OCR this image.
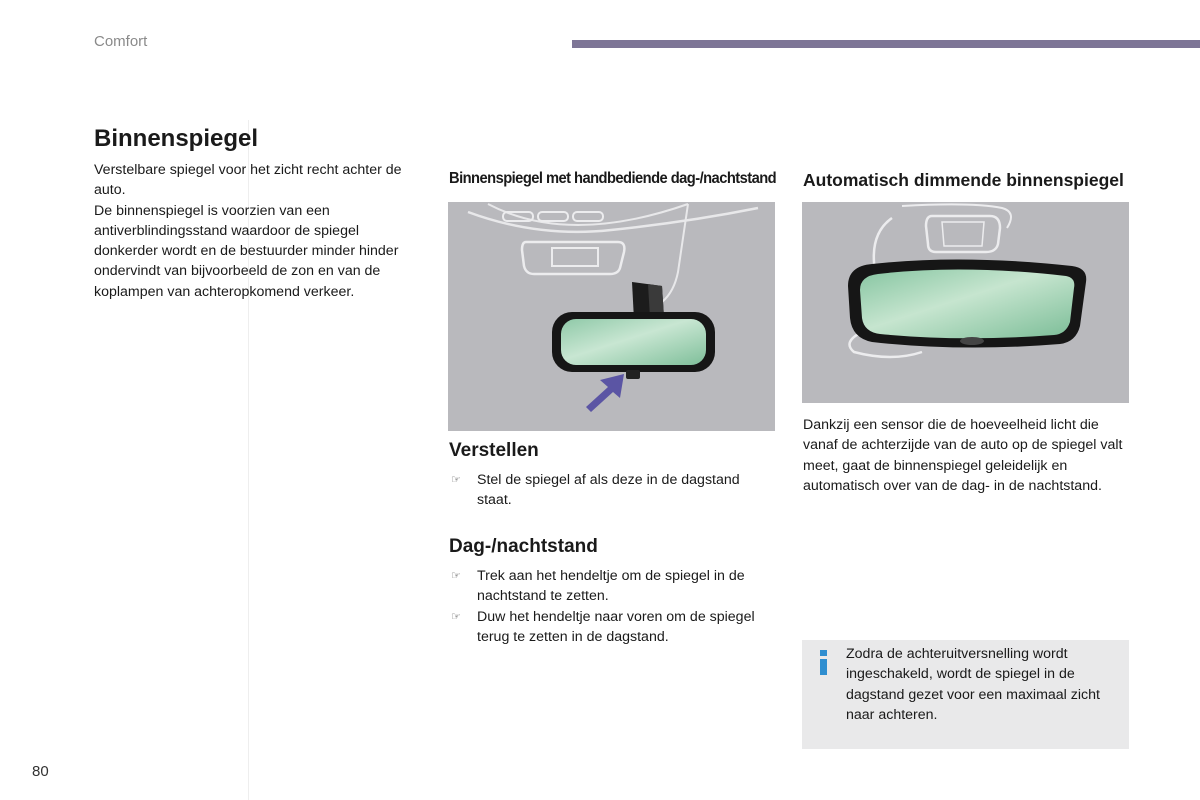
Comfort
Binnenspiegel

Verstelbare spiegel voor het zicht recht achter de auto.

De binnenspiegel is voorzien van een antiverblindingsstand waardoor de spiegel donkerder wordt en de bestuurder minder hinder ondervindt van bijvoorbeeld de zon en van de koplampen van achteropkomend verkeer.

Binnenspiegel met handbediende dag-/nachtstand Automatisch dimmende binnenspiegel
Verstellen
☞ Stel de spiegel af als deze in de dagstand staat.
Dag-/nachtstand
☞ Trek aan het hendeltje om de spiegel in de nachtstand te zetten.
☞ Duw het hendeltje naar voren om de spiegel terug te zetten in de dagstand.

Dankzij een sensor die de hoeveelheid licht die vanaf de achterzijde van de auto op de spiegel valt meet, gaat de binnenspiegel geleidelijk en automatisch over van de dag- in de nachtstand.

Zodra de achteruitversnelling wordt ingeschakeld, wordt de spiegel in de dagstand gezet voor een maximaal zicht naar achteren.

80
